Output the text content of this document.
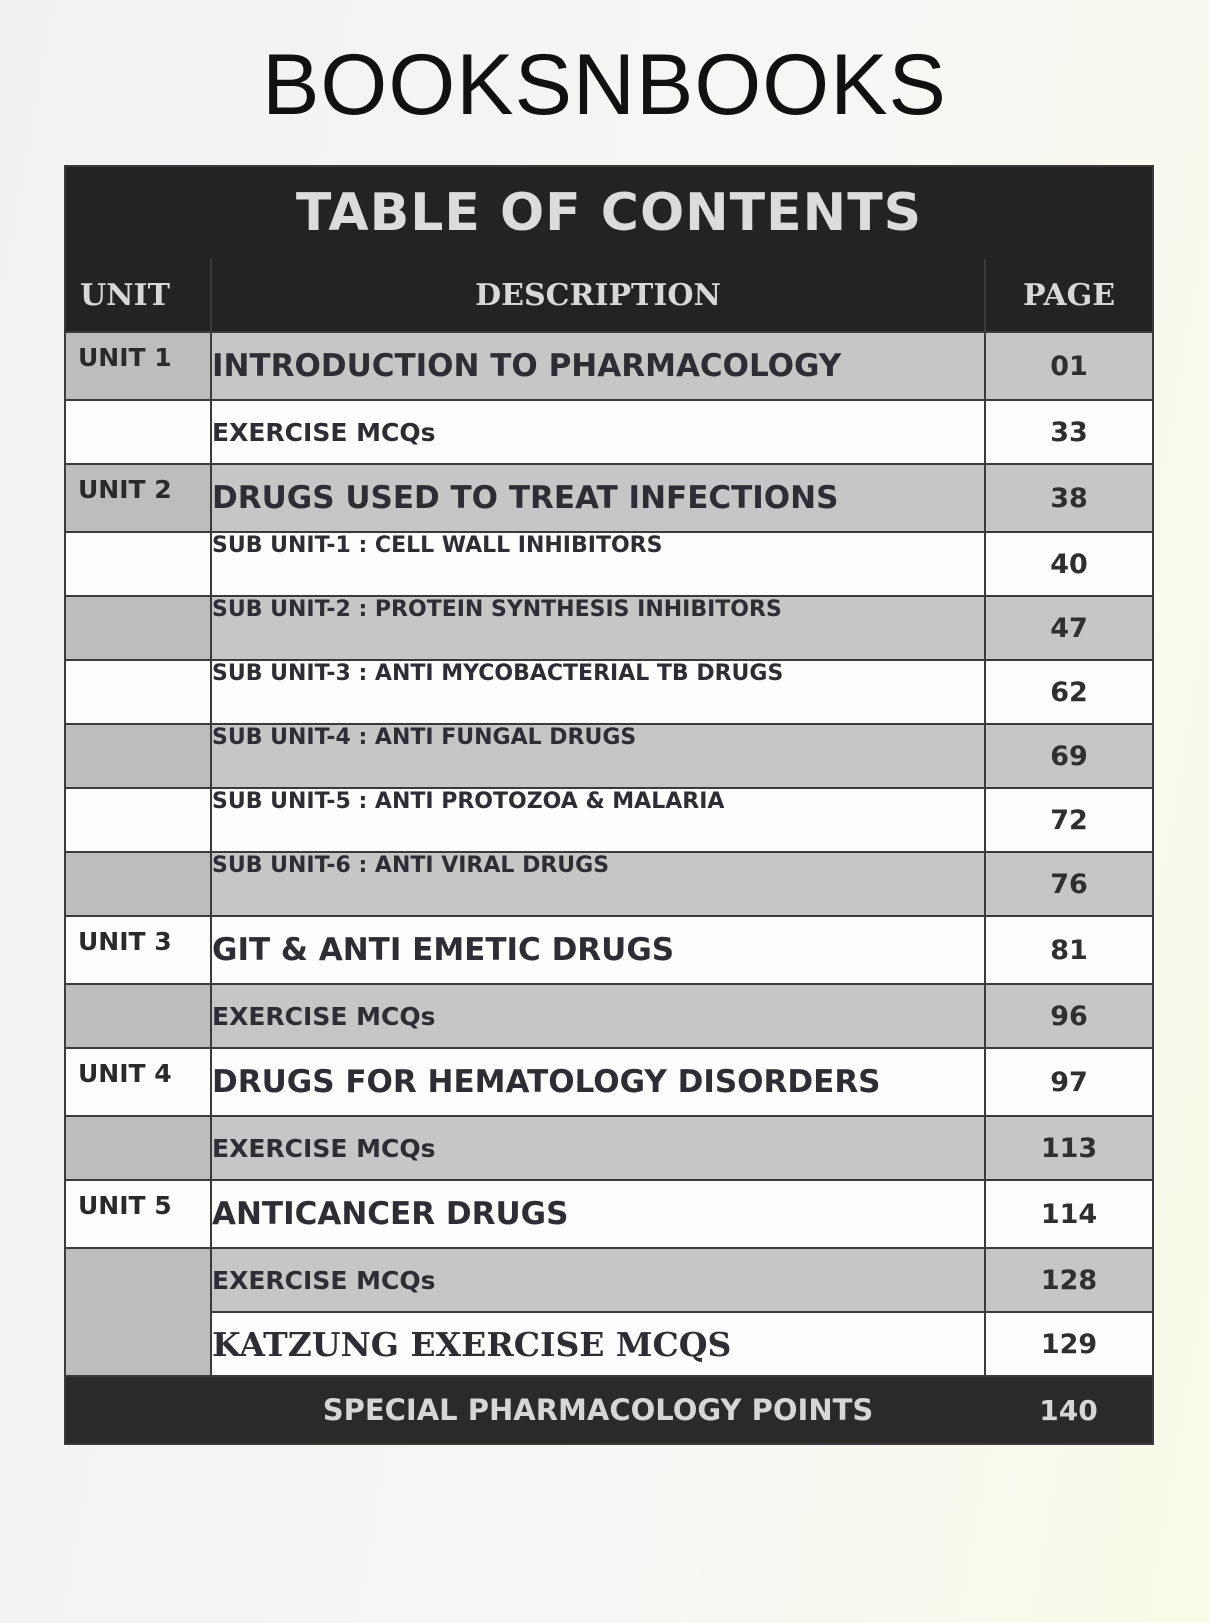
BOOKSNBOOKS
TABLE OF CONTENTS		
UNIT	DESCRIPTION	PAGE
UNIT 1	INTRODUCTION TO PHARMACOLOGY	01
	EXERCISE MCQs	33
UNIT 2	DRUGS USED TO TREAT INFECTIONS	38
	SUB UNIT-1 : CELL WALL INHIBITORS	40
	SUB UNIT-2 : PROTEIN SYNTHESIS INHIBITORS	47
	SUB UNIT-3 : ANTI MYCOBACTERIAL TB DRUGS	62
	SUB UNIT-4 : ANTI FUNGAL DRUGS	69
	SUB UNIT-5 : ANTI PROTOZOA & MALARIA	72
	SUB UNIT-6 : ANTI VIRAL DRUGS	76
UNIT 3	GIT & ANTI EMETIC DRUGS	81
	EXERCISE MCQs	96
UNIT 4	DRUGS FOR HEMATOLOGY DISORDERS	97
	EXERCISE MCQs	113
UNIT 5	ANTICANCER DRUGS	114
	EXERCISE MCQs	128
	KATZUNG EXERCISE MCQS	129
	SPECIAL PHARMACOLOGY POINTS	140
